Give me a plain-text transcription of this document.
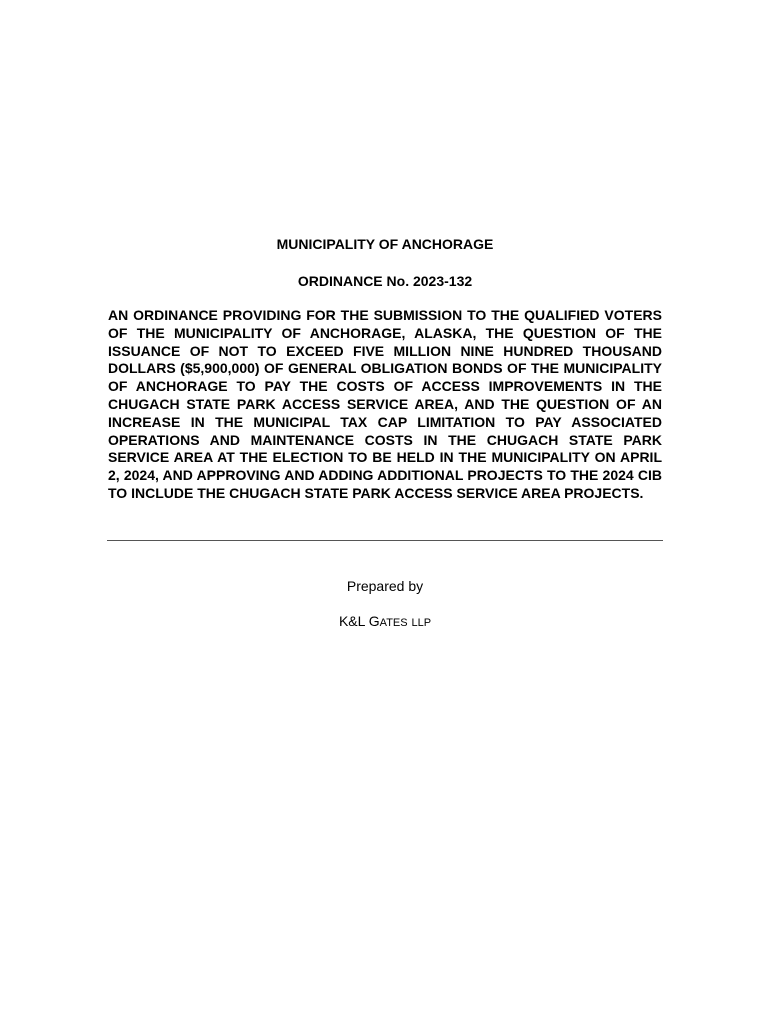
MUNICIPALITY OF ANCHORAGE
ORDINANCE No. 2023-132
AN ORDINANCE PROVIDING FOR THE SUBMISSION TO THE QUALIFIED VOTERS OF THE MUNICIPALITY OF ANCHORAGE, ALASKA, THE QUESTION OF THE ISSUANCE OF NOT TO EXCEED FIVE MILLION NINE HUNDRED THOUSAND DOLLARS ($5,900,000) OF GENERAL OBLIGATION BONDS OF THE MUNICIPALITY OF ANCHORAGE TO PAY THE COSTS OF ACCESS IMPROVEMENTS IN THE CHUGACH STATE PARK ACCESS SERVICE AREA, AND THE QUESTION OF AN INCREASE IN THE MUNICIPAL TAX CAP LIMITATION TO PAY ASSOCIATED OPERATIONS AND MAINTENANCE COSTS IN THE CHUGACH STATE PARK SERVICE AREA AT THE ELECTION TO BE HELD IN THE MUNICIPALITY ON APRIL 2, 2024, AND APPROVING AND ADDING ADDITIONAL PROJECTS TO THE 2024 CIB TO INCLUDE THE CHUGACH STATE PARK ACCESS SERVICE AREA PROJECTS.
Prepared by
K&L GATES LLP
